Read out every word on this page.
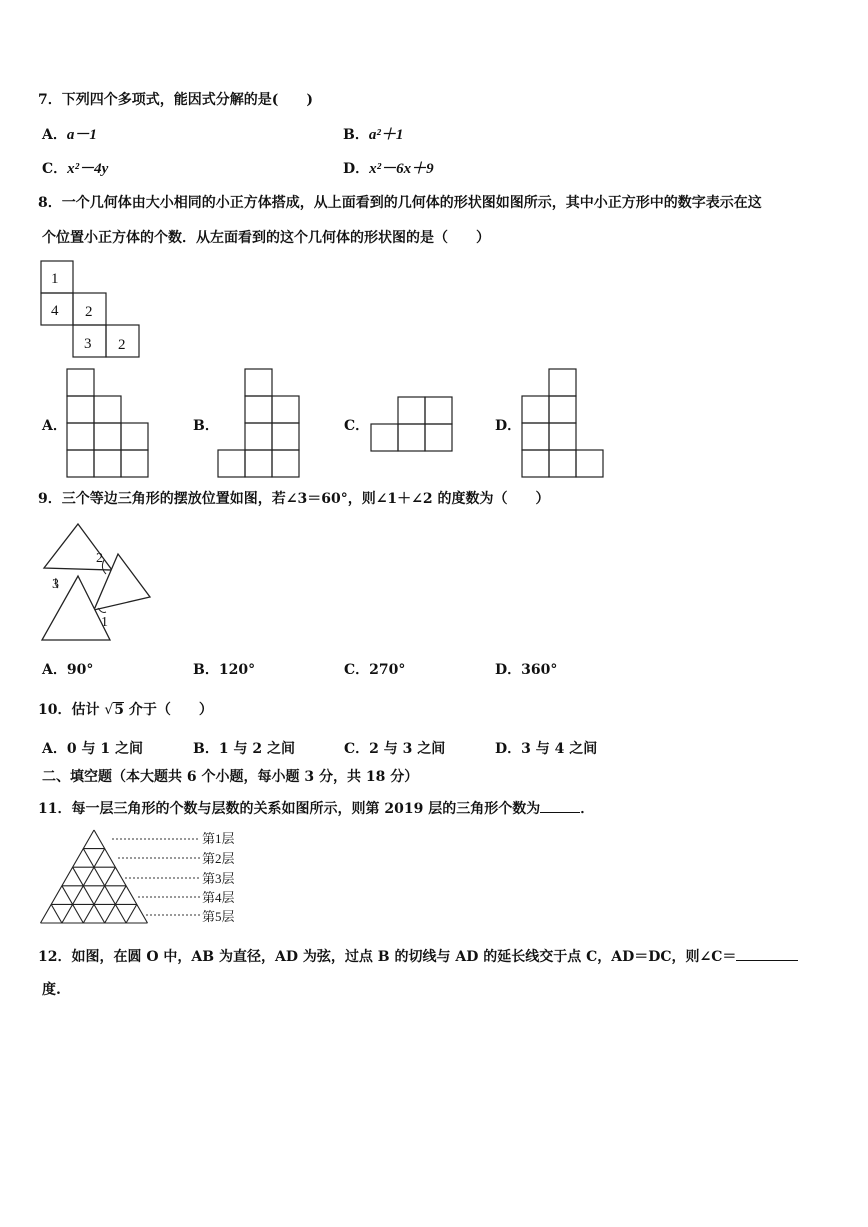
7．下列四个多项式，能因式分解的是(　　)
A．a－1	B．a²＋1
C．x²－4y	D．x²－6x＋9
8．一个几何体由大小相同的小正方体搭成，从上面看到的几何体的形状图如图所示，其中小正方形中的数字表示在这
个位置小正方体的个数．从左面看到的这个几何体的形状图的是（　　）
1
4 2
3 2
A．	B．	C．	D．
9．三个等边三角形的摆放位置如图，若∠3＝60°，则∠1＋∠2 的度数为（　　）
2
3
1
A．90°	B．120°	C．270°	D．360°
10．估计 √5 介于（　　）
A．0 与 1 之间	B．1 与 2 之间	C．2 与 3 之间	D．3 与 4 之间
二、填空题（本大题共 6 个小题，每小题 3 分，共 18 分）
11．每一层三角形的个数与层数的关系如图所示，则第 2019 层的三角形个数为	．
第1层
第2层
第3层
第4层
第5层
12．如图，在圆 O 中，AB 为直径，AD 为弦，过点 B 的切线与 AD 的延长线交于点 C，AD＝DC，则∠C＝
度.
